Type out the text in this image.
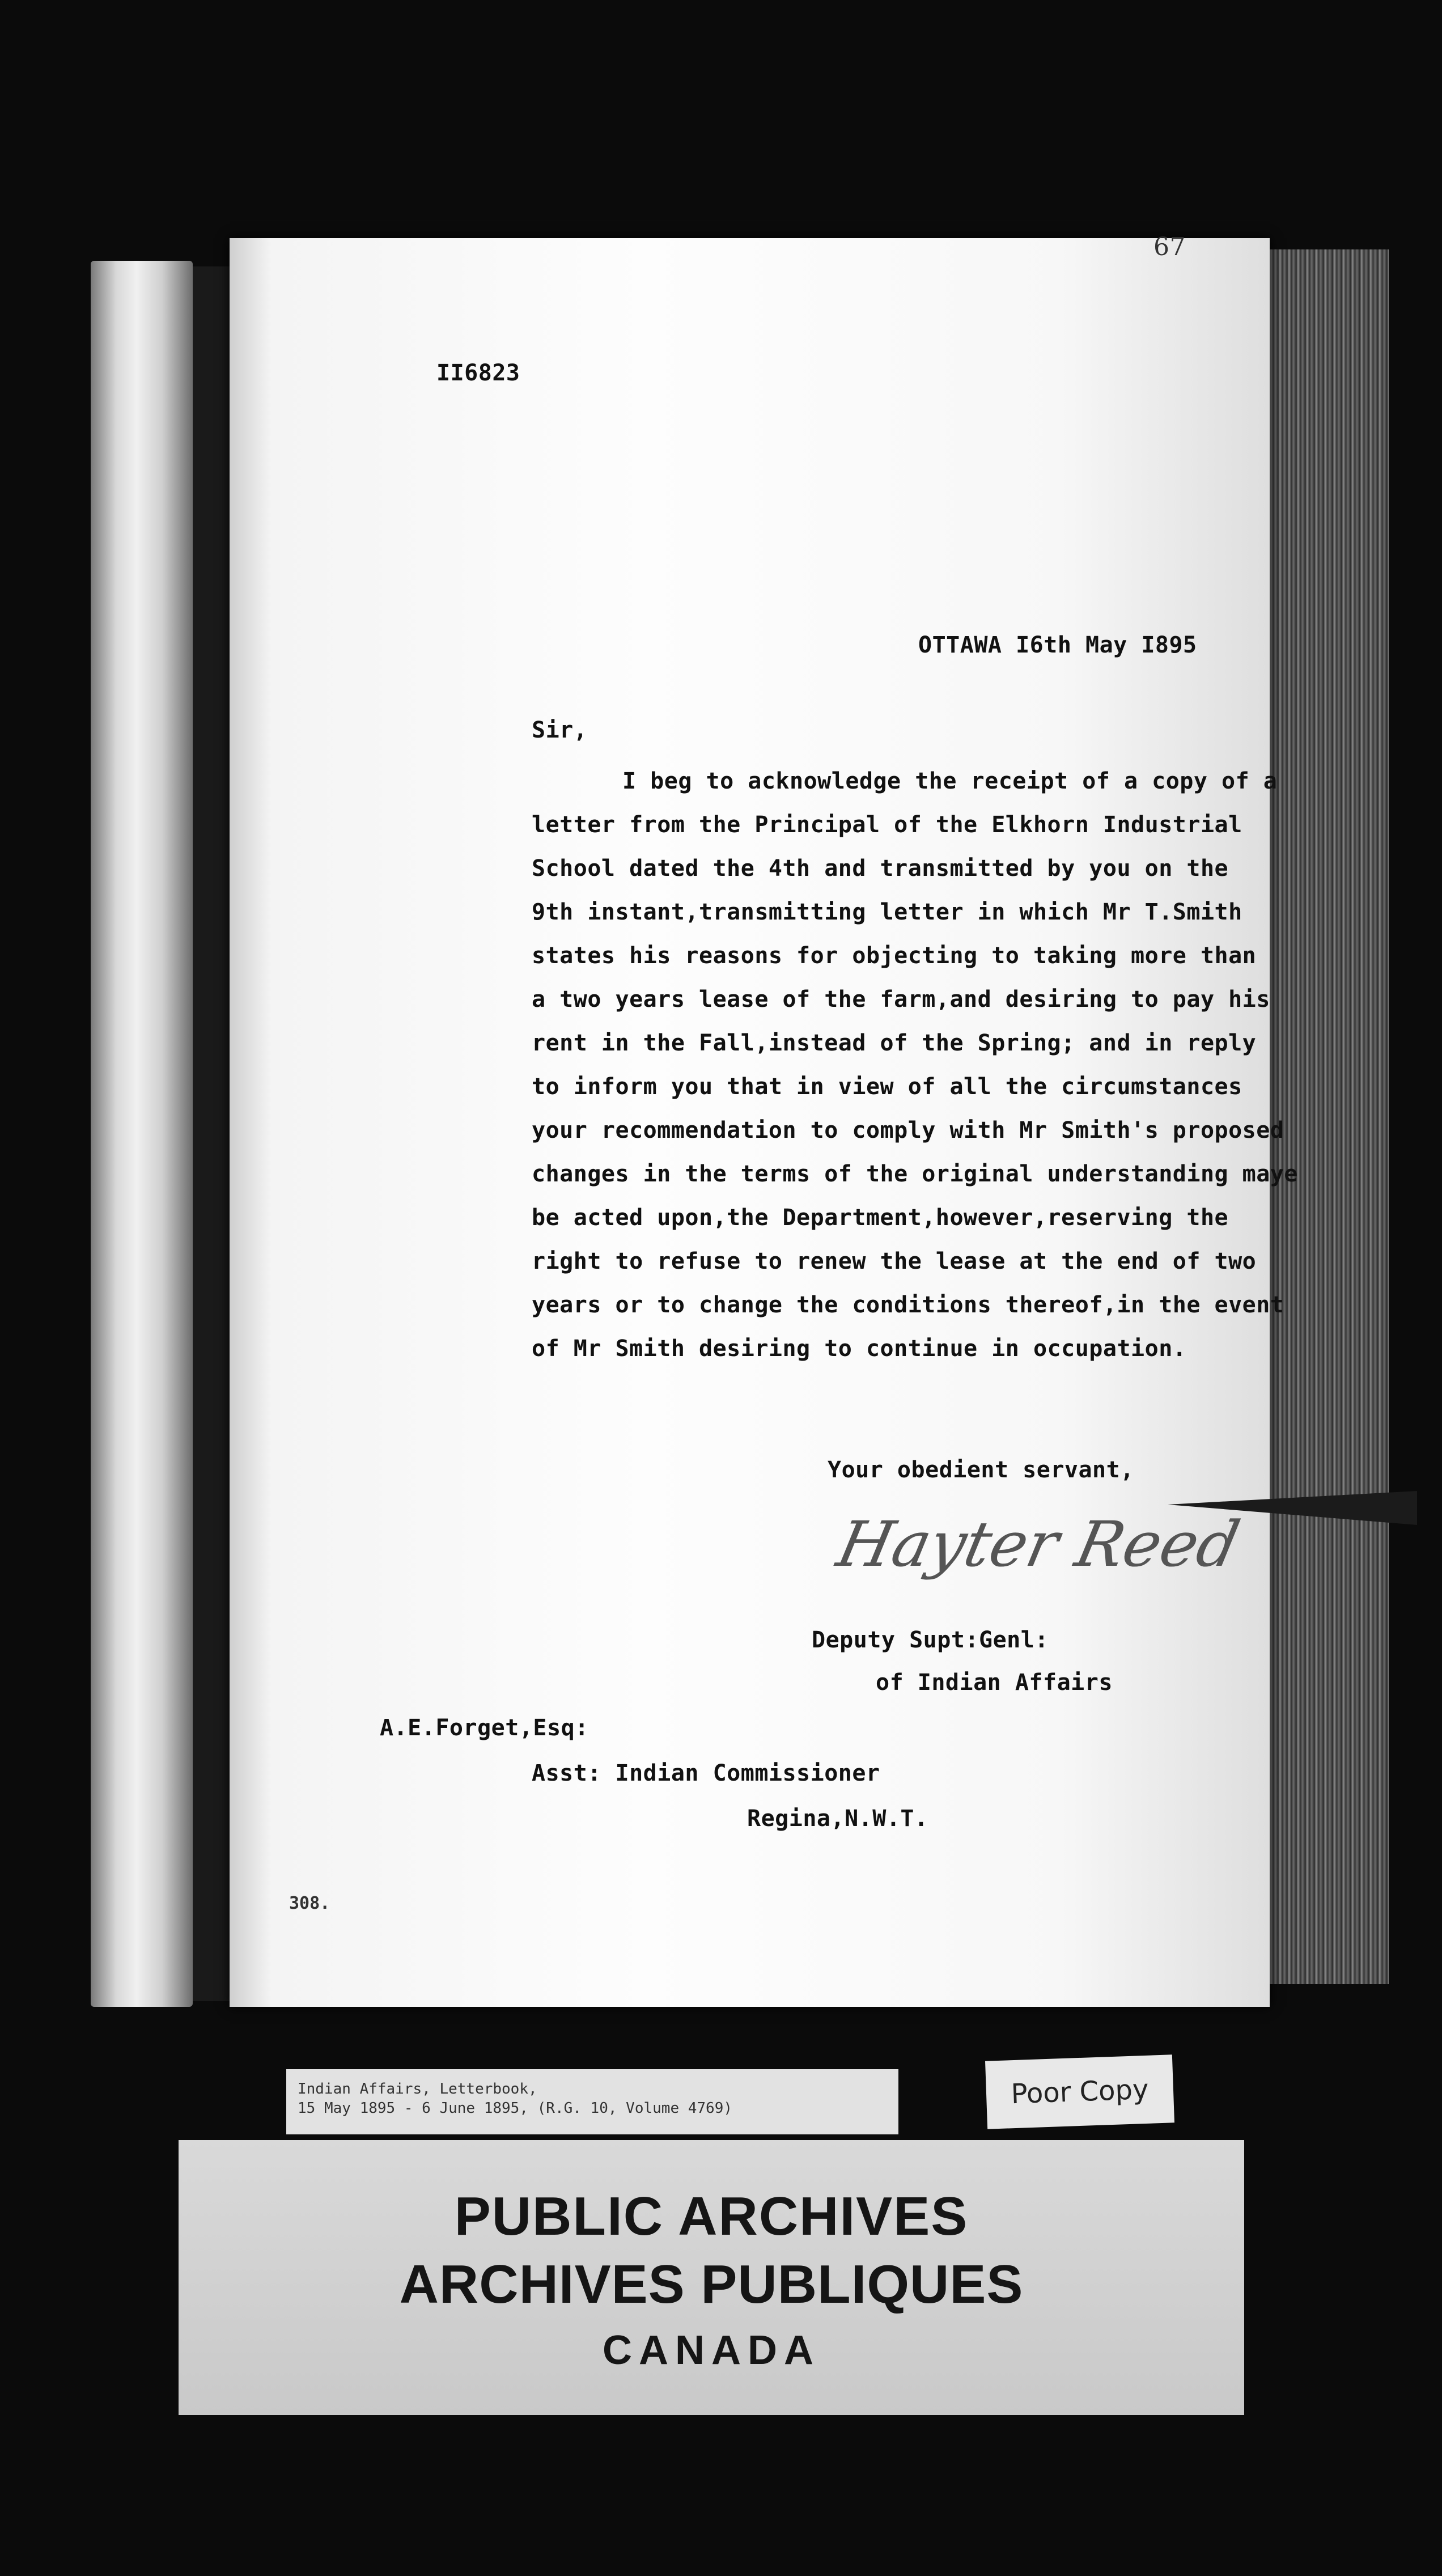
67
II6823
OTTAWA I6th May I895
Sir,
I beg to acknowledge the receipt of a copy of a
letter from the Principal of the Elkhorn Industrial
School dated the 4th and transmitted by you on the
9th instant,transmitting letter in which Mr T.Smith
states his reasons for objecting to taking more than
a two years lease of the farm,and desiring to pay his
rent in the Fall,instead of the Spring; and in reply
to inform you that in view of all the circumstances
your recommendation to comply with Mr Smith's proposed
changes in the terms of the original understanding maye
be acted upon,the Department,however,reserving the
right to refuse to renew the lease at the end of two
years or to change the conditions thereof,in the event
of Mr Smith desiring to continue in occupation.
Your obedient servant,
Hayter Reed
Deputy Supt:Genl:
of Indian Affairs
A.E.Forget,Esq:
Asst: Indian Commissioner
Regina,N.W.T.
308.
Indian Affairs, Letterbook,
15 May 1895 - 6 June 1895, (R.G. 10, Volume 4769)	Poor Copy
PUBLIC ARCHIVES
ARCHIVES PUBLIQUES
CANADA
